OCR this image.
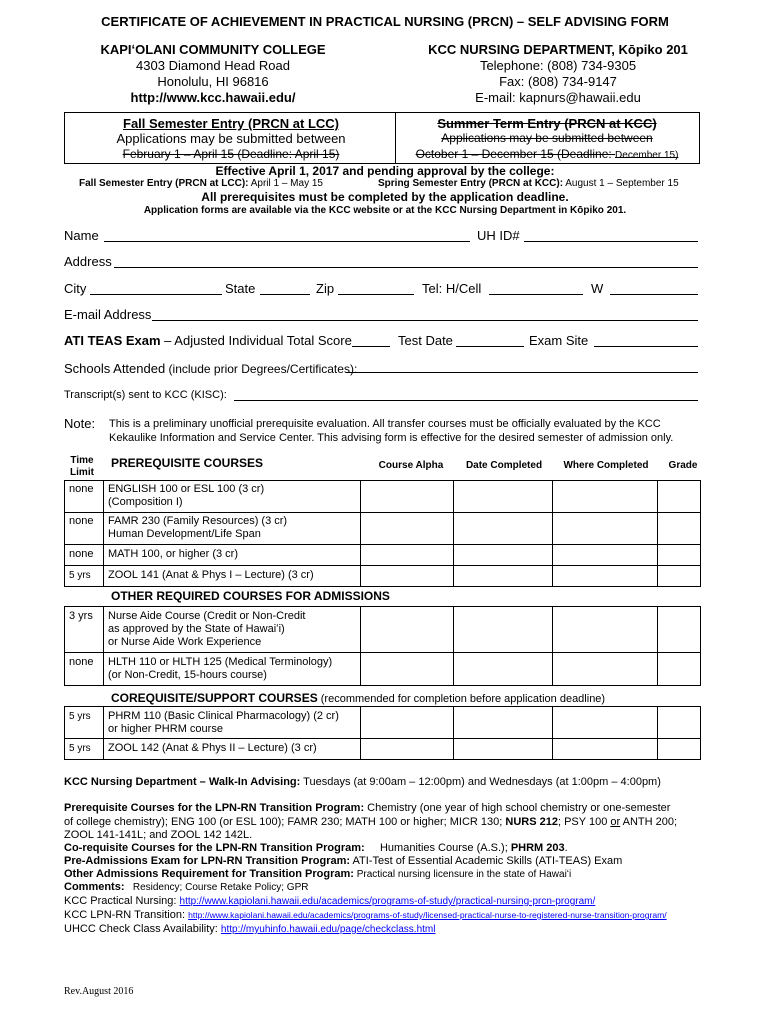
CERTIFICATE OF ACHIEVEMENT IN PRACTICAL NURSING (PRCN) – SELF ADVISING FORM
KAPIʻOLANI COMMUNITY COLLEGE
4303 Diamond Head Road
Honolulu, HI 96816
http://www.kcc.hawaii.edu/
KCC NURSING DEPARTMENT, Kōpiko 201
Telephone: (808) 734-9305
Fax: (808) 734-9147
E-mail: kapnurs@hawaii.edu
Fall Semester Entry (PRCN at LCC)
Applications may be submitted between
February 1 – April 15 (Deadline: April 15)
Summer Term Entry (PRCN at KCC)
Applications may be submitted between
October 1 – December 15 (Deadline: December 15)
Effective April 1, 2017 and pending approval by the college:
Fall Semester Entry (PRCN at LCC): April 1 – May 15	Spring Semester Entry (PRCN at KCC): August 1 – September 15
All prerequisites must be completed by the application deadline.
Application forms are available via the KCC website or at the KCC Nursing Department in Kōpiko 201.
Name	UH ID#
Address
City	State	Zip	Tel: H/Cell	W
E-mail Address
ATI TEAS Exam – Adjusted Individual Total Score	Test Date	Exam Site
Schools Attended (include prior Degrees/Certificates):
Transcript(s) sent to KCC (KISC):
Note: This is a preliminary unofficial prerequisite evaluation. All transfer courses must be officially evaluated by the KCC
Kekaulike Information and Service Center. This advising form is effective for the desired semester of admission only.
Time
Limit
PREREQUISITE COURSES	Course Alpha	Date Completed	Where Completed	Grade
none	ENGLISH 100 or ESL 100 (3 cr)
(Composition I)				

none	FAMR 230 (Family Resources) (3 cr)
Human Development/Life Span				

none	MATH 100, or higher (3 cr)				

5 yrs	ZOOL 141 (Anat & Phys I – Lecture) (3 cr)				

OTHER REQUIRED COURSES FOR ADMISSIONS
3 yrs	Nurse Aide Course (Credit or Non-Credit
as approved by the State of Hawaiʻi)
or Nurse Aide Work Experience				

none	HLTH 110 or HLTH 125 (Medical Terminology)
(or Non-Credit, 15-hours course)				

COREQUISITE/SUPPORT COURSES (recommended for completion before application deadline)
5 yrs	PHRM 110 (Basic Clinical Pharmacology) (2 cr)
or higher PHRM course				

5 yrs	ZOOL 142 (Anat & Phys II – Lecture) (3 cr)				

KCC Nursing Department – Walk-In Advising: Tuesdays (at 9:00am – 12:00pm) and Wednesdays (at 1:00pm – 4:00pm)
Prerequisite Courses for the LPN-RN Transition Program: Chemistry (one year of high school chemistry or one-semester
of college chemistry); ENG 100 (or ESL 100); FAMR 230; MATH 100 or higher; MICR 130; NURS 212; PSY 100 or ANTH 200;
ZOOL 141-141L; and ZOOL 142 142L.
Co-requisite Courses for the LPN-RN Transition Program:     Humanities Course (A.S.); PHRM 203.
Pre-Admissions Exam for LPN-RN Transition Program: ATI-Test of Essential Academic Skills (ATI-TEAS) Exam
Other Admissions Requirement for Transition Program: Practical nursing licensure in the state of Hawaiʻi
Comments:   Residency; Course Retake Policy; GPR
KCC Practical Nursing: http://www.kapiolani.hawaii.edu/academics/programs-of-study/practical-nursing-prcn-program/
KCC LPN-RN Transition: http://www.kapiolani.hawaii.edu/academics/programs-of-study/licensed-practical-nurse-to-registered-nurse-transition-program/
UHCC Check Class Availability: http://myuhinfo.hawaii.edu/page/checkclass.html
Rev.August 2016
